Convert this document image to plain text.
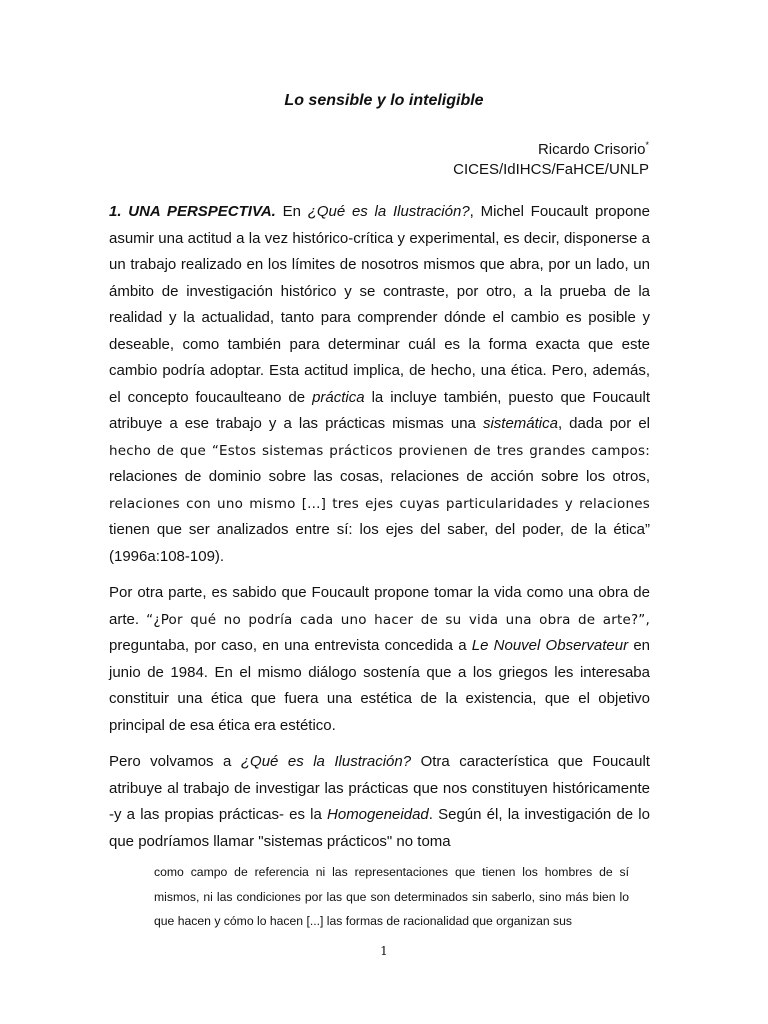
Lo sensible y lo inteligible
Ricardo Crisorio*
CICES/IdIHCS/FaHCE/UNLP

1. UNA PERSPECTIVA. En ¿Qué es la Ilustración?, Michel Foucault propone asumir una actitud a la vez histórico-crítica y experimental, es decir, disponerse a un trabajo realizado en los límites de nosotros mismos que abra, por un lado, un ámbito de investigación histórico y se contraste, por otro, a la prueba de la realidad y la actualidad, tanto para comprender dónde el cambio es posible y deseable, como también para determinar cuál es la forma exacta que este cambio podría adoptar. Esta actitud implica, de hecho, una ética. Pero, además, el concepto foucaulteano de práctica la incluye también, puesto que Foucault atribuye a ese trabajo y a las prácticas mismas una sistemática, dada por el hecho de que “Estos sistemas prácticos provienen de tres grandes campos: relaciones de dominio sobre las cosas, relaciones de acción sobre los otros, relaciones con uno mismo [...] tres ejes cuyas particularidades y relaciones tienen que ser analizados entre sí: los ejes del saber, del poder, de la ética” (1996a:108-109).

Por otra parte, es sabido que Foucault propone tomar la vida como una obra de arte. “¿Por qué no podría cada uno hacer de su vida una obra de arte?”, preguntaba, por caso, en una entrevista concedida a Le Nouvel Observateur en junio de 1984. En el mismo diálogo sostenía que a los griegos les interesaba constituir una ética que fuera una estética de la existencia, que el objetivo principal de esa ética era estético.

Pero volvamos a ¿Qué es la Ilustración? Otra característica que Foucault atribuye al trabajo de investigar las prácticas que nos constituyen históricamente -y a las propias prácticas- es la Homogeneidad. Según él, la investigación de lo que podríamos llamar "sistemas prácticos" no toma

como campo de referencia ni las representaciones que tienen los hombres de sí mismos, ni las condiciones por las que son determinados sin saberlo, sino más bien lo que hacen y cómo lo hacen [...] las formas de racionalidad que organizan sus

1
